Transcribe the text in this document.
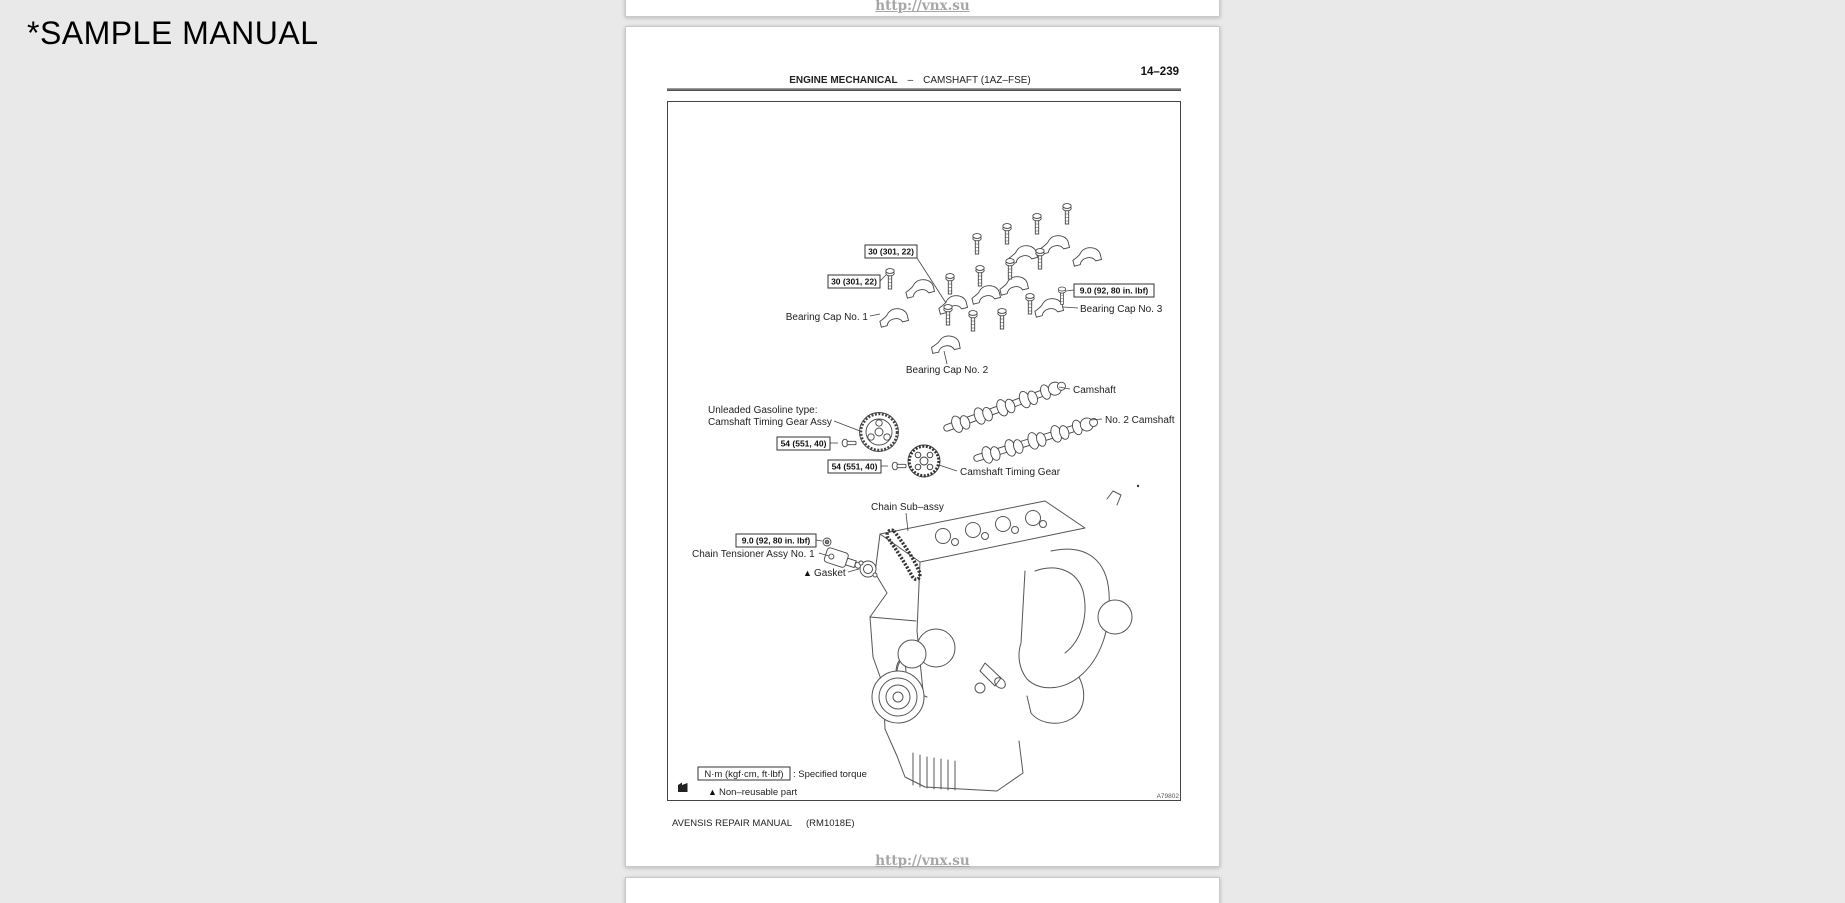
*SAMPLE MANUAL
http://vnx.su
14–239
ENGINE MECHANICAL – CAMSHAFT (1AZ–FSE)
30 (301, 22)
30 (301, 22)
9.0 (92, 80 in. lbf)
54 (551, 40)
54 (551, 40)
9.0 (92, 80 in. lbf)
Bearing Cap No. 1
Bearing Cap No. 2
Bearing Cap No. 3
Camshaft
No. 2 Camshaft
Unleaded Gasoline type:
Camshaft Timing Gear Assy
Camshaft Timing Gear
Chain Sub–assy
Chain Tensioner Assy No. 1
▲ Gasket
N·m (kgf·cm, ft·lbf) : Specified torque
▲ Non–reusable part	A79802
AVENSIS REPAIR MANUAL (RM1018E)
http://vnx.su
